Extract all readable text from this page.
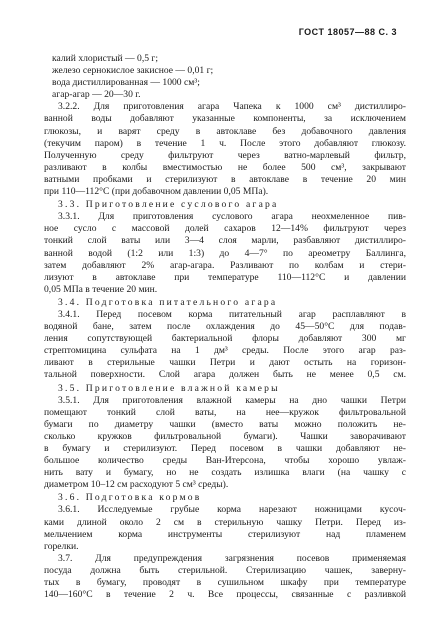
ГОСТ 18057—88 С. 3
калий хлористый — 0,5 г;
железо сернокислое закисное — 0,01 г;
вода дистиллированная — 1000 см³;
агар-агар — 20—30 г.
3.2.2. Для приготовления агара Чапека к 1000 см³ дистиллиро-
ванной воды добавляют указанные компоненты, за исключением
глюкозы, и варят среду в автоклаве без добавочного давления
(текучим паром) в течение 1 ч. После этого добавляют глюкозу.
Полученную среду фильтруют через ватно-марлевый фильтр,
разливают в колбы вместимостью не более 500 см³, закрывают
ватными пробками и стерилизуют в автоклаве в течение 20 мин
при 110—112°С (при добавочном давлении 0,05 МПа).
3.3. Приготовление суслового агара
3.3.1. Для приготовления суслового агара неохмеленное пив-
ное сусло с массовой долей сахаров 12—14% фильтруют через
тонкий слой ваты или 3—4 слоя марли, разбавляют дистиллиро-
ванной водой (1:2 или 1:3) до 4—7° по ареометру Баллинга,
затем добавляют 2% агар-агара. Разливают по колбам и стери-
лизуют в автоклаве при температуре 110—112°С и давлении
0,05 МПа в течение 20 мин.
3.4. Подготовка питательного агара
3.4.1. Перед посевом корма питательный агар расплавляют в
водяной бане, затем после охлаждения до 45—50°С для подав-
ления сопутствующей бактериальной флоры добавляют 300 мг
стрептомицина сульфата на 1 дм³ среды. После этого агар раз-
ливают в стерильные чашки Петри и дают остыть на горизон-
тальной поверхности. Слой агара должен быть не менее 0,5 см.
3.5. Приготовление влажной камеры
3.5.1. Для приготовления влажной камеры на дно чашки Петри
помещают тонкий слой ваты, на нее—кружок фильтровальной
бумаги по диаметру чашки (вместо ваты можно положить не-
сколько кружков фильтровальной бумаги). Чашки заворачивают
в бумагу и стерилизуют. Перед посевом в чашки добавляют не-
большое количество среды Ван-Итерсона, чтобы хорошо увлаж-
нить вату и бумагу, но не создать излишка влаги (на чашку с
диаметром 10–12 см расходуют 5 см³ среды).
3.6. Подготовка кормов
3.6.1. Исследуемые грубые корма нарезают ножницами кусоч-
ками длиной около 2 см в стерильную чашку Петри. Перед из-
мельчением корма инструменты стерилизуют над пламенем
горелки.
3.7. Для предупреждения загрязнения посевов применяемая
посуда должна быть стерильной. Стерилизацию чашек, заверну-
тых в бумагу, проводят в сушильном шкафу при температуре
140—160°С в течение 2 ч. Все процессы, связанные с разливкой
